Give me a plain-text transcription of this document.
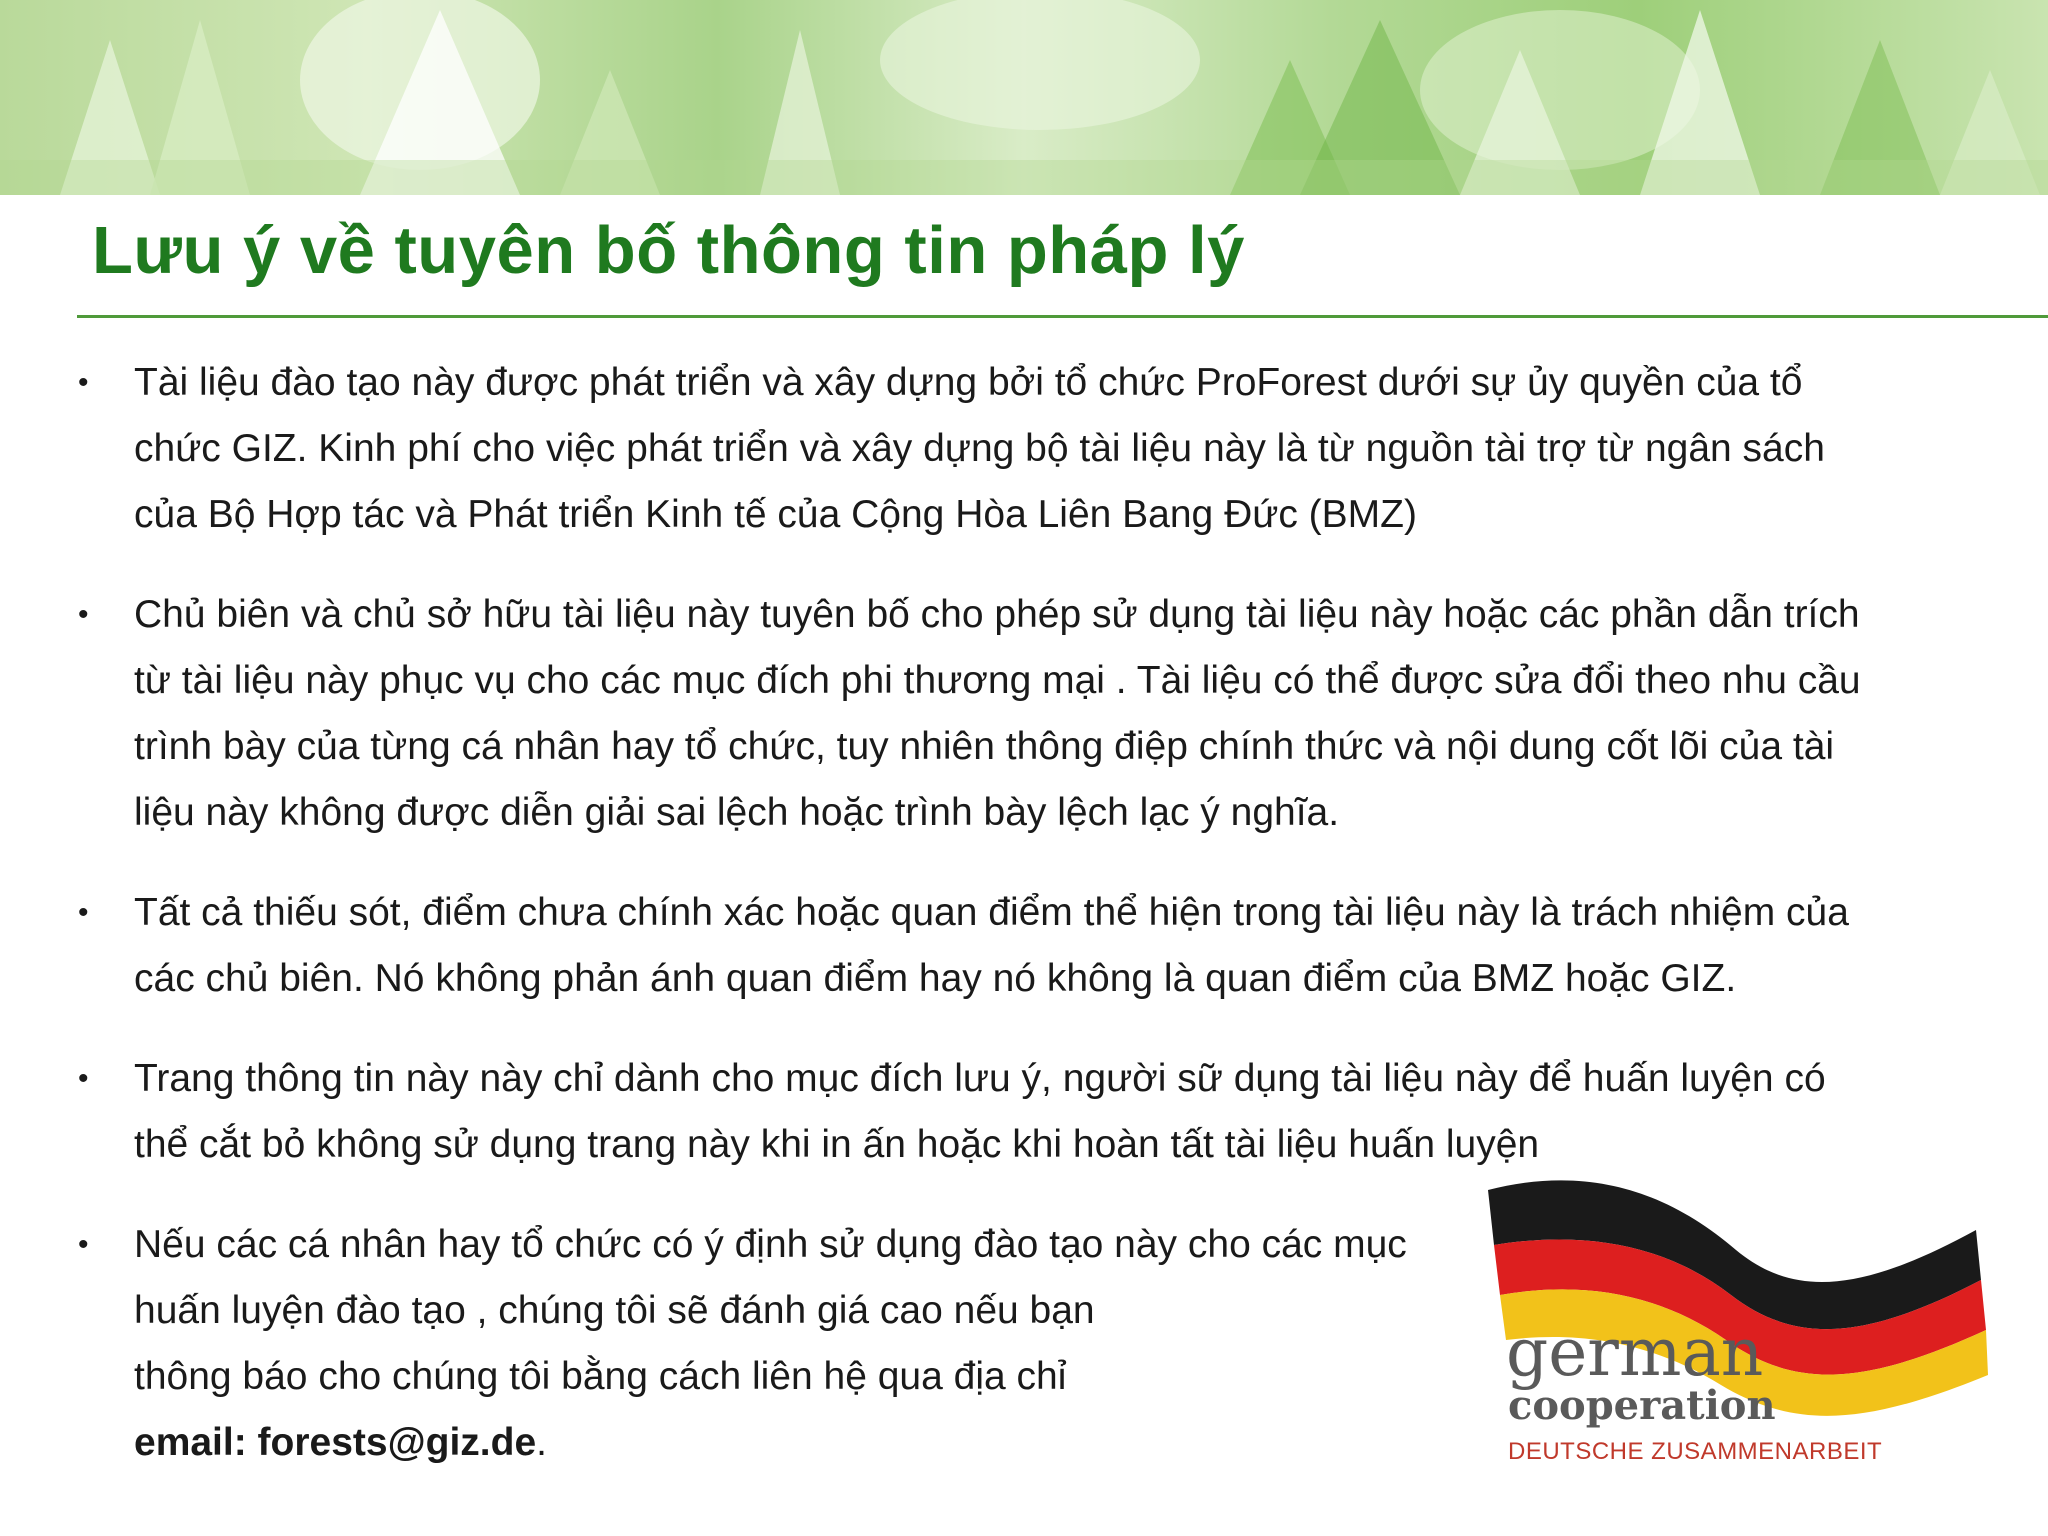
Lưu ý về tuyên bố thông tin pháp lý
•	Tài liệu đào tạo này được phát triển và xây dựng bởi tổ chức ProForest dưới sự ủy quyền của tổ
chức GIZ. Kinh phí cho việc phát triển và xây dựng bộ tài liệu này là từ nguồn tài trợ từ ngân sách
của Bộ Hợp tác và Phát triển Kinh tế của Cộng Hòa Liên Bang Đức (BMZ)
•	Chủ biên và chủ sở hữu tài liệu này tuyên bố cho phép sử dụng tài liệu này hoặc các phần dẫn trích
từ tài liệu này phục vụ cho các mục đích phi thương mại . Tài liệu có thể được sửa đổi theo nhu cầu
trình bày của từng cá nhân hay tổ chức, tuy nhiên thông điệp chính thức và nội dung cốt lõi của tài
liệu này không được diễn giải sai lệch hoặc trình bày lệch lạc ý nghĩa.
•	Tất cả thiếu sót, điểm chưa chính xác hoặc quan điểm thể hiện trong tài liệu này là trách nhiệm của
các chủ biên. Nó không phản ánh quan điểm hay nó không là quan điểm của BMZ hoặc GIZ.
•	Trang thông tin này này chỉ dành cho mục đích lưu ý, người sữ dụng tài liệu này để huấn luyện có
thể cắt bỏ không sử dụng trang này khi in ấn hoặc khi hoàn tất tài liệu huấn luyện
•	Nếu các cá nhân hay tổ chức có ý định sử dụng đào tạo này cho các mục
huấn luyện đào tạo , chúng tôi sẽ đánh giá cao nếu bạn
thông báo cho chúng tôi bằng cách liên hệ qua địa chỉ
email: forests@giz.de.
german
cooperation
DEUTSCHE ZUSAMMENARBEIT
